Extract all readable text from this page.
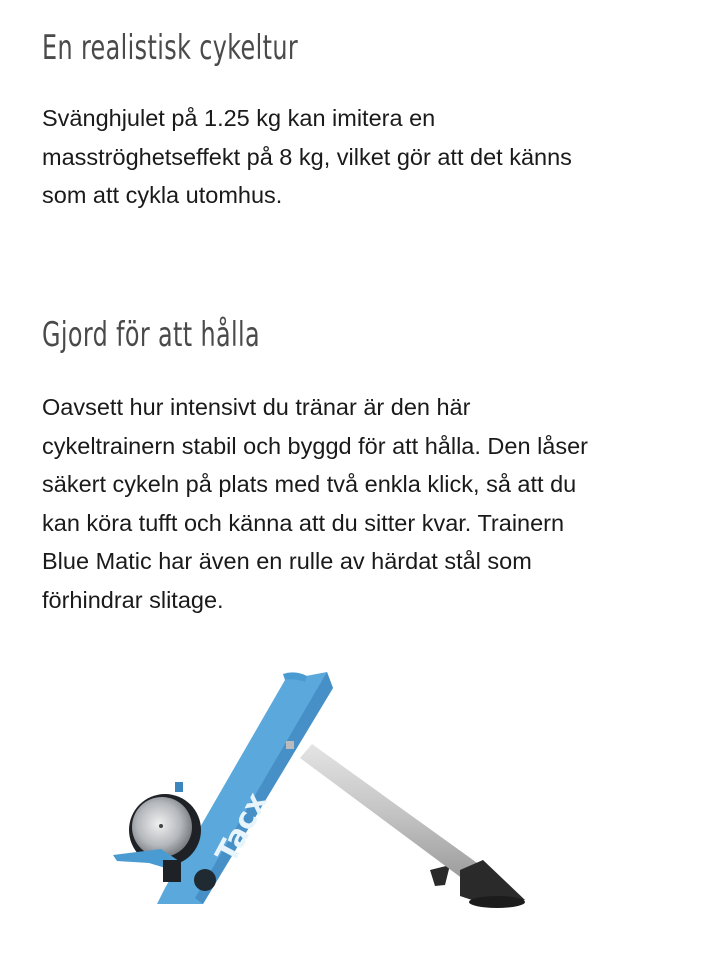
En realistisk cykeltur

Svänghjulet på 1.25 kg kan imitera en
masströghetseffekt på 8 kg, vilket gör att det känns
som att cykla utomhus.

Gjord för att hålla

Oavsett hur intensivt du tränar är den här
cykeltrainern stabil och byggd för att hålla. Den låser
säkert cykeln på plats med två enkla klick, så att du
kan köra tufft och känna att du sitter kvar. Trainern
Blue Matic har även en rulle av härdat stål som
förhindrar slitage.

Tacx
